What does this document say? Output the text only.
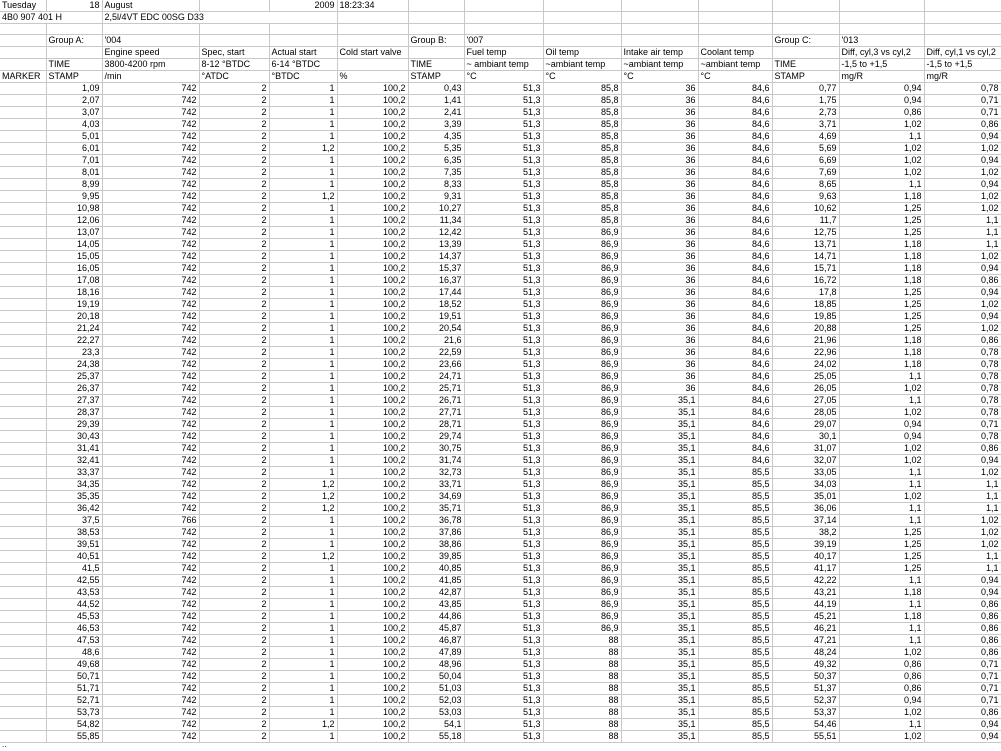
Tuesday	18	August		2009	18:23:34								
4B0 907 401 H		2,5l/4VT EDC 00SG D33											

	Group A:	'004				Group B:	'007				Group C:	'013	
		Engine speed	Spec, start	Actual start	Cold start valve		Fuel temp	Oil temp	Intake air temp	Coolant temp		Diff, cyl,3 vs cyl,2	Diff, cyl,1 vs cyl,2
	TIME	3800-4200 rpm	8-12 °BTDC	6-14 °BTDC		TIME	~ ambiant temp	~ambiant temp	~ambiant temp	~ambiant temp	TIME	-1,5 to +1,5	-1,5 to +1,5
MARKER	STAMP	/min	°ATDC	°BTDC	%	STAMP	°C	°C	°C	°C	STAMP	mg/R	mg/R
	1,09	742	2	1	100,2	0,43	51,3	85,8	36	84,6	0,77	0,94	0,78
	2,07	742	2	1	100,2	1,41	51,3	85,8	36	84,6	1,75	0,94	0,71
	3,07	742	2	1	100,2	2,41	51,3	85,8	36	84,6	2,73	0,86	0,71
	4,03	742	2	1	100,2	3,39	51,3	85,8	36	84,6	3,71	1,02	0,86
	5,01	742	2	1	100,2	4,35	51,3	85,8	36	84,6	4,69	1,1	0,94
	6,01	742	2	1,2	100,2	5,35	51,3	85,8	36	84,6	5,69	1,02	1,02
	7,01	742	2	1	100,2	6,35	51,3	85,8	36	84,6	6,69	1,02	0,94
	8,01	742	2	1	100,2	7,35	51,3	85,8	36	84,6	7,69	1,02	1,02
	8,99	742	2	1	100,2	8,33	51,3	85,8	36	84,6	8,65	1,1	0,94
	9,95	742	2	1,2	100,2	9,31	51,3	85,8	36	84,6	9,63	1,18	1,02
	10,98	742	2	1	100,2	10,27	51,3	85,8	36	84,6	10,62	1,25	1,02
	12,06	742	2	1	100,2	11,34	51,3	85,8	36	84,6	11,7	1,25	1,1
	13,07	742	2	1	100,2	12,42	51,3	86,9	36	84,6	12,75	1,25	1,1
	14,05	742	2	1	100,2	13,39	51,3	86,9	36	84,6	13,71	1,18	1,1
	15,05	742	2	1	100,2	14,37	51,3	86,9	36	84,6	14,71	1,18	1,02
	16,05	742	2	1	100,2	15,37	51,3	86,9	36	84,6	15,71	1,18	0,94
	17,08	742	2	1	100,2	16,37	51,3	86,9	36	84,6	16,72	1,18	0,86
	18,16	742	2	1	100,2	17,44	51,3	86,9	36	84,6	17,8	1,25	0,94
	19,19	742	2	1	100,2	18,52	51,3	86,9	36	84,6	18,85	1,25	1,02
	20,18	742	2	1	100,2	19,51	51,3	86,9	36	84,6	19,85	1,25	0,94
	21,24	742	2	1	100,2	20,54	51,3	86,9	36	84,6	20,88	1,25	1,02
	22,27	742	2	1	100,2	21,6	51,3	86,9	36	84,6	21,96	1,18	0,86
	23,3	742	2	1	100,2	22,59	51,3	86,9	36	84,6	22,96	1,18	0,78
	24,38	742	2	1	100,2	23,66	51,3	86,9	36	84,6	24,02	1,18	0,78
	25,37	742	2	1	100,2	24,71	51,3	86,9	36	84,6	25,05	1,1	0,78
	26,37	742	2	1	100,2	25,71	51,3	86,9	36	84,6	26,05	1,02	0,78
	27,37	742	2	1	100,2	26,71	51,3	86,9	35,1	84,6	27,05	1,1	0,78
	28,37	742	2	1	100,2	27,71	51,3	86,9	35,1	84,6	28,05	1,02	0,78
	29,39	742	2	1	100,2	28,71	51,3	86,9	35,1	84,6	29,07	0,94	0,71
	30,43	742	2	1	100,2	29,74	51,3	86,9	35,1	84,6	30,1	0,94	0,78
	31,41	742	2	1	100,2	30,75	51,3	86,9	35,1	84,6	31,07	1,02	0,86
	32,41	742	2	1	100,2	31,74	51,3	86,9	35,1	84,6	32,07	1,02	0,94
	33,37	742	2	1	100,2	32,73	51,3	86,9	35,1	85,5	33,05	1,1	1,02
	34,35	742	2	1,2	100,2	33,71	51,3	86,9	35,1	85,5	34,03	1,1	1,1
	35,35	742	2	1,2	100,2	34,69	51,3	86,9	35,1	85,5	35,01	1,02	1,1
	36,42	742	2	1,2	100,2	35,71	51,3	86,9	35,1	85,5	36,06	1,1	1,1
	37,5	766	2	1	100,2	36,78	51,3	86,9	35,1	85,5	37,14	1,1	1,02
	38,53	742	2	1	100,2	37,86	51,3	86,9	35,1	85,5	38,2	1,25	1,02
	39,51	742	2	1	100,2	38,86	51,3	86,9	35,1	85,5	39,19	1,25	1,02
	40,51	742	2	1,2	100,2	39,85	51,3	86,9	35,1	85,5	40,17	1,25	1,1
	41,5	742	2	1	100,2	40,85	51,3	86,9	35,1	85,5	41,17	1,25	1,1
	42,55	742	2	1	100,2	41,85	51,3	86,9	35,1	85,5	42,22	1,1	0,94
	43,53	742	2	1	100,2	42,87	51,3	86,9	35,1	85,5	43,21	1,18	0,94
	44,52	742	2	1	100,2	43,85	51,3	86,9	35,1	85,5	44,19	1,1	0,86
	45,53	742	2	1	100,2	44,86	51,3	86,9	35,1	85,5	45,21	1,18	0,86
	46,53	742	2	1	100,2	45,87	51,3	86,9	35,1	85,5	46,21	1,1	0,86
	47,53	742	2	1	100,2	46,87	51,3	88	35,1	85,5	47,21	1,1	0,86
	48,6	742	2	1	100,2	47,89	51,3	88	35,1	85,5	48,24	1,02	0,86
	49,68	742	2	1	100,2	48,96	51,3	88	35,1	85,5	49,32	0,86	0,71
	50,71	742	2	1	100,2	50,04	51,3	88	35,1	85,5	50,37	0,86	0,71
	51,71	742	2	1	100,2	51,03	51,3	88	35,1	85,5	51,37	0,86	0,71
	52,71	742	2	1	100,2	52,03	51,3	88	35,1	85,5	52,37	0,94	0,71
	53,73	742	2	1	100,2	53,03	51,3	88	35,1	85,5	53,37	1,02	0,86
	54,82	742	2	1,2	100,2	54,1	51,3	88	35,1	85,5	54,46	1,1	0,94
	55,85	742	2	1	100,2	55,18	51,3	88	35,1	85,5	55,51	1,02	0,94
..
